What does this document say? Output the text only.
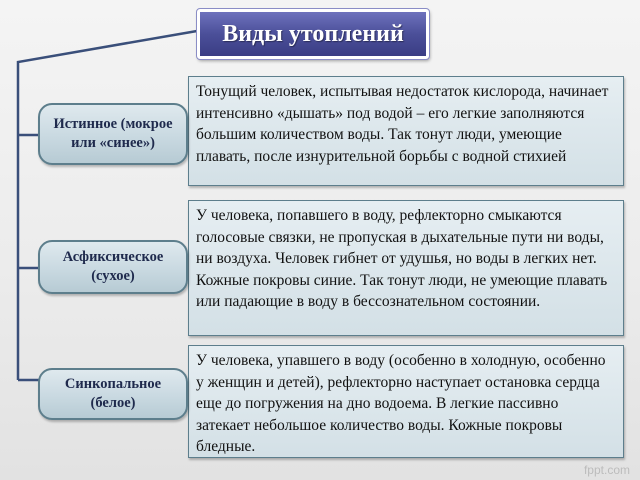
Виды утоплений
Тонущий человек, испытывая недостаток кислорода, начинает интенсивно «дышать» под водой – его легкие заполняются большим количеством воды. Так тонут люди, умеющие плавать, после изнурительной борьбы с водной стихией
Истинное (мокрое или «синее»)
У человека, попавшего в воду, рефлекторно смыкаются голосовые связки, не пропуская в дыхательные пути ни воды, ни воздуха. Человек гибнет от удушья, но воды в легких нет. Кожные покровы синие. Так тонут люди, не умеющие плавать или падающие в воду в бессознательном состоянии.
Асфиксическое (сухое)
У человека, упавшего в воду (особенно в холодную, особенно у женщин и детей), рефлекторно наступает остановка сердца еще до погружения на дно водоема. В легкие пассивно затекает небольшое количество воды. Кожные покровы бледные.
Синкопальное (белое)
fppt.com
